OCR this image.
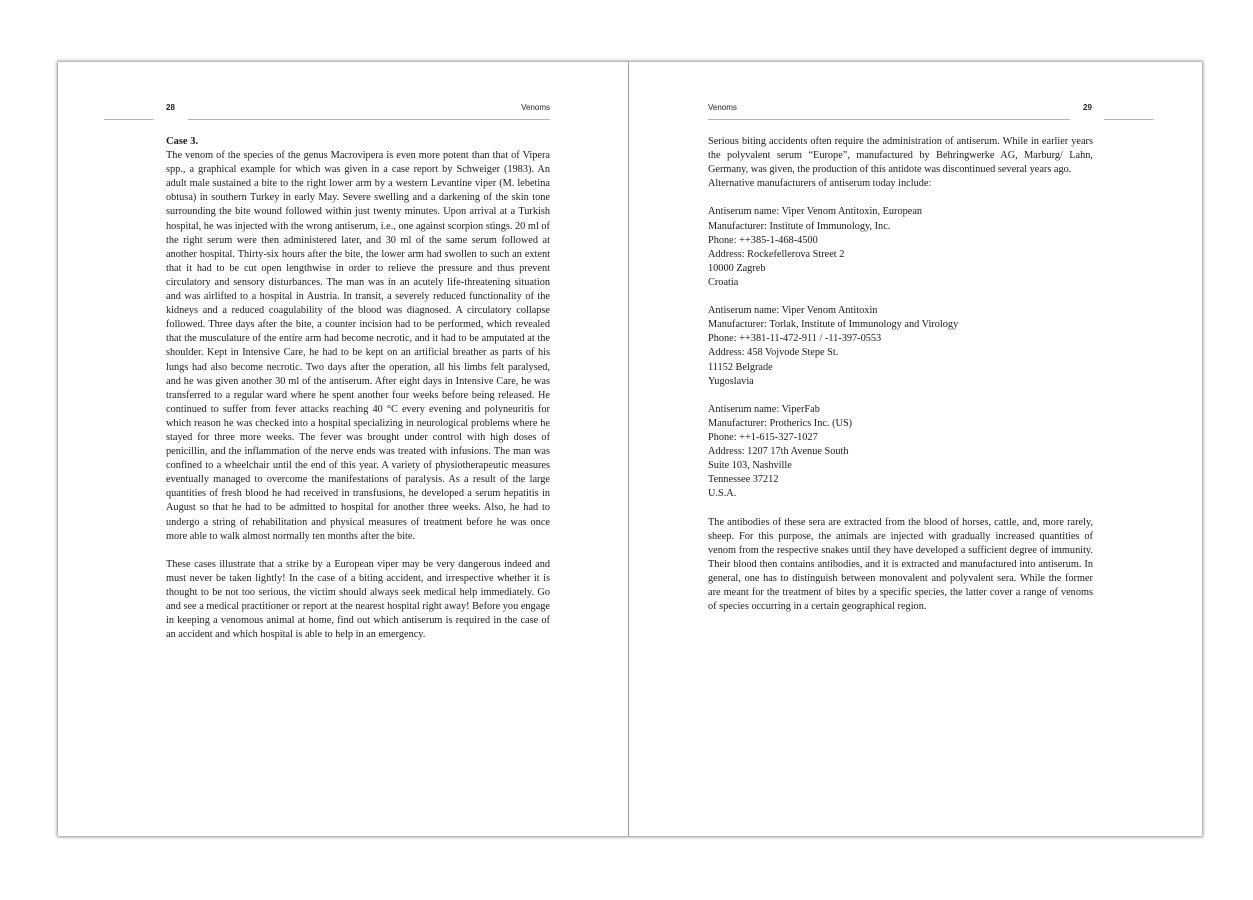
28	Venoms

Case 3.

The venom of the species of the genus Macrovipera is even more potent than that of Vipera spp., a graphical example for which was given in a case report by Schweiger (1983). An adult male sustained a bite to the right lower arm by a western Levantine viper (M. lebetina obtusa) in southern Turkey in early May. Severe swelling and a darkening of the skin tone surrounding the bite wound followed within just twenty minutes. Upon arrival at a Turkish hospital, he was injected with the wrong antiserum, i.e., one against scorpion stings. 20 ml of the right serum were then administered later, and 30 ml of the same serum followed at another hospital. Thirty-six hours after the bite, the lower arm had swollen to such an extent that it had to be cut open lengthwise in order to relieve the pressure and thus prevent circulatory and sensory disturbances. The man was in an acutely life-threatening situation and was airlifted to a hospital in Austria. In transit, a severely reduced functionality of the kidneys and a reduced coagulability of the blood was diagnosed. A circulatory collapse followed. Three days after the bite, a counter incision had to be performed, which revealed that the musculature of the entire arm had become necrotic, and it had to be amputated at the shoulder. Kept in Intensive Care, he had to be kept on an artificial breather as parts of his lungs had also become necrotic. Two days after the operation, all his limbs felt paralysed, and he was given another 30 ml of the antiserum. After eight days in Intensive Care, he was transferred to a regular ward where he spent another four weeks before being released. He continued to suffer from fever attacks reaching 40 °C every evening and polyneuritis for which reason he was checked into a hospital specializing in neurological problems where he stayed for three more weeks. The fever was brought under control with high doses of penicillin, and the inflammation of the nerve ends was treated with infusions. The man was confined to a wheelchair until the end of this year. A variety of physiotherapeutic measures eventually managed to overcome the manifestations of paralysis. As a result of the large quantities of fresh blood he had received in transfusions, he developed a serum hepatitis in August so that he had to be admitted to hospital for another three weeks. Also, he had to undergo a string of rehabilitation and physical measures of treatment before he was once more able to walk almost normally ten months after the bite.

These cases illustrate that a strike by a European viper may be very dangerous indeed and must never be taken lightly! In the case of a biting accident, and irrespective whether it is thought to be not too serious, the victim should always seek medical help immediately. Go and see a medical practitioner or report at the nearest hospital right away! Before you engage in keeping a venomous animal at home, find out which antiserum is required in the case of an accident and which hospital is able to help in an emergency.

Venoms	29

Serious biting accidents often require the administration of antiserum. While in earlier years the polyvalent serum “Europe”, manufactured by Behringwerke AG, Marburg/ Lahn, Germany, was given, the production of this antidote was discontinued several years ago.

Alternative manufacturers of antiserum today include:

Antiserum name: Viper Venom Antitoxin, European

Manufacturer: Institute of Immunology, Inc.

Phone: ++385-1-468-4500

Address: Rockefellerova Street 2

10000 Zagreb

Croatia

Antiserum name: Viper Venom Antitoxin

Manufacturer: Torlak, Institute of Immunology and Virology

Phone: ++381-11-472-911 / -11-397-0553

Address: 458 Vojvode Stepe St.

11152 Belgrade

Yugoslavia

Antiserum name: ViperFab

Manufacturer: Protherics Inc. (US)

Phone: ++1-615-327-1027

Address: 1207 17th Avenue South

Suite 103, Nashville

Tennessee 37212

U.S.A.

The antibodies of these sera are extracted from the blood of horses, cattle, and, more rarely, sheep. For this purpose, the animals are injected with gradually increased quantities of venom from the respective snakes until they have developed a sufficient degree of immunity. Their blood then contains antibodies, and it is extracted and manufactured into antiserum. In general, one has to distinguish between monovalent and polyvalent sera. While the former are meant for the treatment of bites by a specific species, the latter cover a range of venoms of species occurring in a certain geographical region.
